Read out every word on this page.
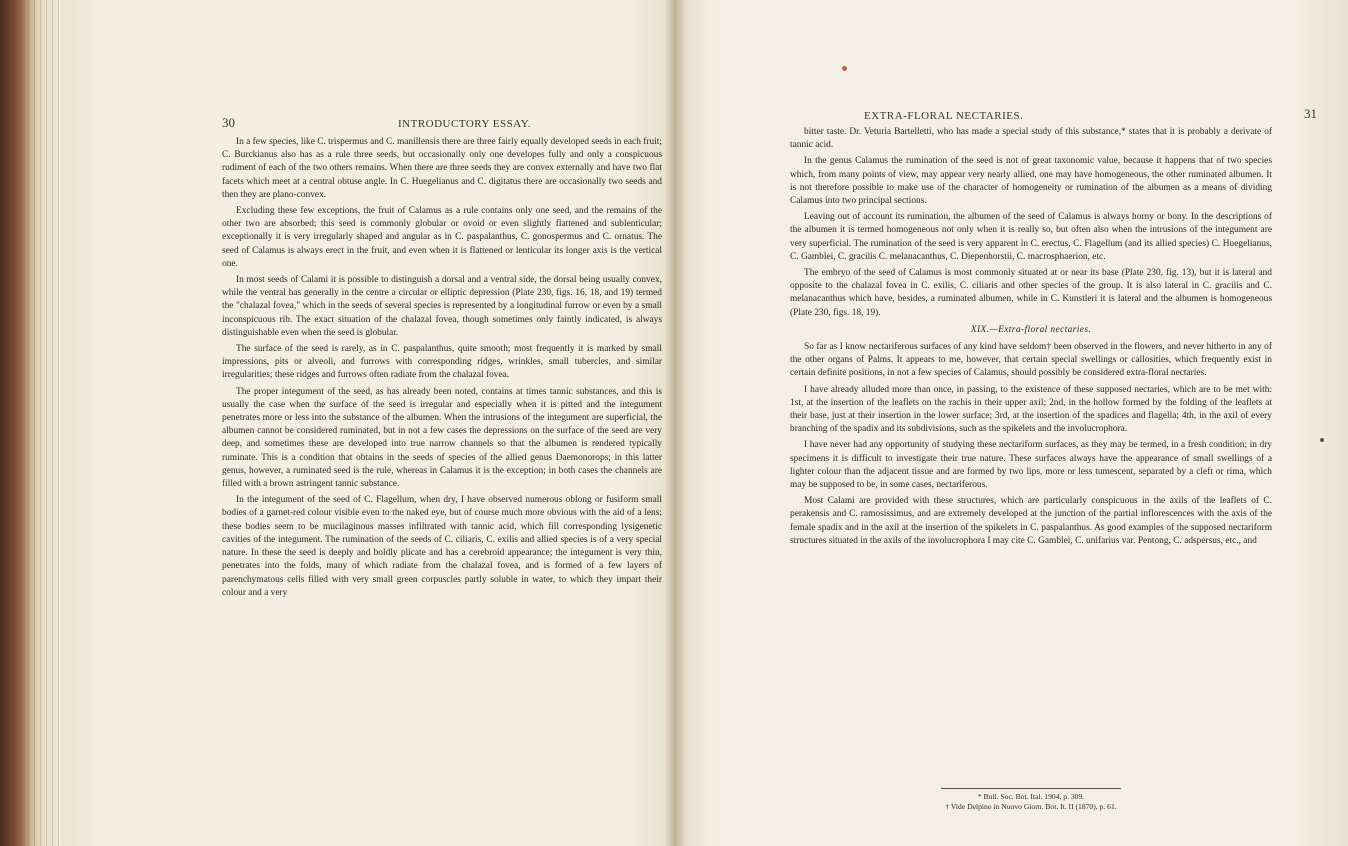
30	INTRODUCTORY ESSAY.

In a few species, like C. trispermus and C. manillensis there are three fairly equally developed seeds in each fruit; C. Burckianus also has as a rule three seeds, but occasionally only one developes fully and only a conspicuous rudiment of each of the two others remains. When there are three seeds they are convex externally and have two flat facets which meet at a central obtuse angle. In C. Huegelianus and C. digitatus there are occasionally two seeds and then they are plano-convex.

Excluding these few exceptions, the fruit of Calamus as a rule contains only one seed, and the remains of the other two are absorbed; this seed is commonly globular or ovoid or even slightly flattened and sublenticular; exceptionally it is very irregularly shaped and angular as in C. paspalanthus, C. gonospermus and C. ornatus. The seed of Calamus is always erect in the fruit, and even when it is flattened or lenticular its longer axis is the vertical one.

In most seeds of Calami it is possible to distinguish a dorsal and a ventral side, the dorsal being usually convex, while the ventral has generally in the centre a circular or elliptic depression (Plate 230, figs. 16, 18, and 19) termed the "chalazal fovea," which in the seeds of several species is represented by a longitudinal furrow or even by a small inconspicuous rib. The exact situation of the chalazal fovea, though sometimes only faintly indicated, is always distinguishable even when the seed is globular.

The surface of the seed is rarely, as in C. paspalanthus, quite smooth; most frequently it is marked by small impressions, pits or alveoli, and furrows with corresponding ridges, wrinkles, small tubercles, and similar irregularities; these ridges and furrows often radiate from the chalazal fovea.

The proper integument of the seed, as has already been noted, contains at times tannic substances, and this is usually the case when the surface of the seed is irregular and especially when it is pitted and the integument penetrates more or less into the substance of the albumen. When the intrusions of the integument are superficial, the albumen cannot be considered ruminated, but in not a few cases the depressions on the surface of the seed are very deep, and sometimes these are developed into true narrow channels so that the albumen is rendered typically ruminate. This is a condition that obtains in the seeds of species of the allied genus Daemonorops; in this latter genus, however, a ruminated seed is the rule, whereas in Calamus it is the exception; in both cases the channels are filled with a brown astringent tannic substance.

In the integument of the seed of C. Flagellum, when dry, I have observed numerous oblong or fusiform small bodies of a garnet-red colour visible even to the naked eye, but of course much more obvious with the aid of a lens; these bodies seem to be mucilaginous masses infiltrated with tannic acid, which fill corresponding lysigenetic cavities of the integument. The rumination of the seeds of C. ciliaris, C. exilis and allied species is of a very special nature. In these the seed is deeply and boldly plicate and has a cerebroid appearance; the integument is very thin, penetrates into the folds, many of which radiate from the chalazal fovea, and is formed of a few layers of parenchymatous cells filled with very small green corpuscles partly soluble in water, to which they impart their colour and a very

EXTRA-FLORAL NECTARIES.	31

bitter taste. Dr. Veturia Bartelletti, who has made a special study of this substance,* states that it is probably a derivate of tannic acid.

In the genus Calamus the rumination of the seed is not of great taxonomic value, because it happens that of two species which, from many points of view, may appear very nearly allied, one may have homogeneous, the other ruminated albumen. It is not therefore possible to make use of the character of homogeneity or rumination of the albumen as a means of dividing Calamus into two principal sections.

Leaving out of account its rumination, the albumen of the seed of Calamus is always horny or bony. In the descriptions of the albumen it is termed homogeneous not only when it is really so, but often also when the intrusions of the integument are very superficial. The rumination of the seed is very apparent in C. erectus, C. Flagellum (and its allied species) C. Huegelianus, C. Gamblei, C. gracilis C. melanacanthus, C. Diepenhorstii, C. macrosphaerion, etc.

The embryo of the seed of Calamus is most commonly situated at or near its base (Plate 230, fig. 13), but it is lateral and opposite to the chalazal fovea in C. exilis, C. ciliaris and other species of the group. It is also lateral in C. gracilis and C. melanacanthus which have, besides, a ruminated albumen, while in C. Kunstleri it is lateral and the albumen is homogeneous (Plate 230, figs. 18, 19).

XIX.—Extra-floral nectaries.

So far as I know nectariferous surfaces of any kind have seldom† been observed in the flowers, and never hitherto in any of the other organs of Palms. It appears to me, however, that certain special swellings or callosities, which frequently exist in certain definite positions, in not a few species of Calamus, should possibly be considered extra-floral nectaries.

I have already alluded more than once, in passing, to the existence of these supposed nectaries, which are to be met with: 1st, at the insertion of the leaflets on the rachis in their upper axil; 2nd, in the hollow formed by the folding of the leaflets at their base, just at their insertion in the lower surface; 3rd, at the insertion of the spadices and flagella; 4th, in the axil of every branching of the spadix and its subdivisions, such as the spikelets and the involucrophora.

I have never had any opportunity of studying these nectariform surfaces, as they may be termed, in a fresh condition; in dry specimens it is difficult to investigate their true nature. These surfaces always have the appearance of small swellings of a lighter colour than the adjacent tissue and are formed by two lips, more or less tumescent, separated by a cleft or rima, which may be supposed to be, in some cases, nectariferous.

Most Calami are provided with these structures, which are particularly conspicuous in the axils of the leaflets of C. perakensis and C. ramosissimus, and are extremely developed at the junction of the partial inflorescences with the axis of the female spadix and in the axil at the insertion of the spikelets in C. paspalanthus. As good examples of the supposed nectariform structures situated in the axils of the involucrophora I may cite C. Gamblei, C. unifarius var. Pentong, C. adspersus, etc., and

* Bull. Soc. Bot. Ital. 1904, p. 309.
† Vide Delpino in Nuovo Giorn. Bot. It. II (1870), p. 61.
